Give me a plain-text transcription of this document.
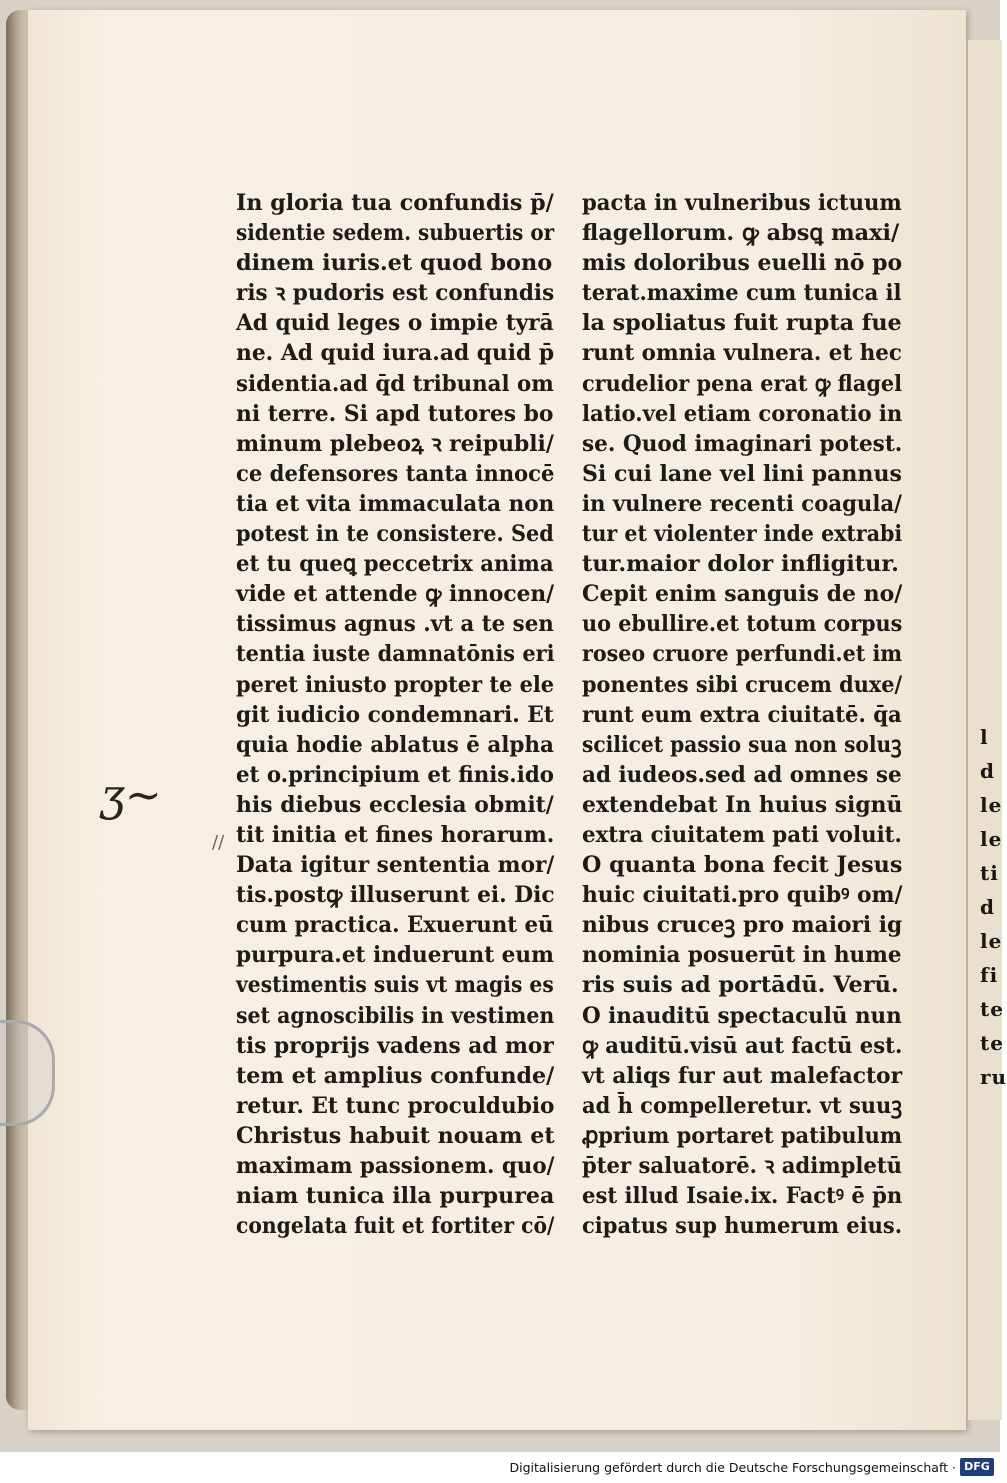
l
d
le
le
ti
d
le
fi
te
te
ru
In gloria tua confundis p̄/
sidentie sedem. subuertis or
dinem iuris.et quod bono
ris ꝛ pudoris est confundis
Ad quid leges o impie tyrā
ne. Ad quid iura.ad quid p̄
sidentia.ad q̄d tribunal om
ni terre. Si apd tutores bo
minum plebeoꝝ ꝛ reipubli/
ce defensores tanta innocē
tia et vita immaculata non
potest in te consistere. Sed
et tu queꝗ peccetrix anima
vide et attende ꝙ innocen/
tissimus agnus .vt a te sen
tentia iuste damnatōnis eri
peret iniusto propter te ele
git iudicio condemnari. Et
quia hodie ablatus ē alpha
et o.principium et finis.ido
his diebus ecclesia obmit/
tit initia et fines horarum.
Data igitur sententia mor/
tis.postꝙ illuserunt ei. Dic
cum practica. Exuerunt eū
purpura.et induerunt eum
vestimentis suis vt magis es
set agnoscibilis in vestimen
tis proprijs vadens ad mor
tem et amplius confunde/
retur. Et tunc proculdubio
Christus habuit nouam et
maximam passionem. quo/
niam tunica illa purpurea
congelata fuit et fortiter cō/
pacta in vulneribus ictuum
flagellorum. ꝙ absꝗ maxi/
mis doloribus euelli nō po
terat.maxime cum tunica il
la spoliatus fuit rupta fue
runt omnia vulnera. et hec
crudelior pena erat ꝙ flagel
latio.vel etiam coronatio in
se. Quod imaginari potest.
Si cui lane vel lini pannus
in vulnere recenti coagula/
tur et violenter inde extrabi
tur.maior dolor infligitur.
Cepit enim sanguis de no/
uo ebullire.et totum corpus
roseo cruore perfundi.et im
ponentes sibi crucem duxe/
runt eum extra ciuitatē. q̄a
scilicet passio sua non soluꝫ
ad iudeos.sed ad omnes se
extendebat In huius signū
extra ciuitatem pati voluit.
O quanta bona fecit Jesus
huic ciuitati.pro quibꝰ om/
nibus cruceꝫ pro maiori ig
nominia posuerūt in hume
ris suis ad portādū. Verū.
O inauditū spectaculū nun
ꝙ auditū.visū aut factū est.
vt aliqs fur aut malefactor
ad h̄ compelleretur. vt suuꝫ
ꝓprium portaret patibulum
p̄ter saluatorē. ꝛ adimpletū
est illud Isaie.ix. Factꝰ ē p̄n
cipatus sup humerum eius.
ʒ~
//
Digitalisierung gefördert durch die Deutsche Forschungsgemeinschaft · DFG
